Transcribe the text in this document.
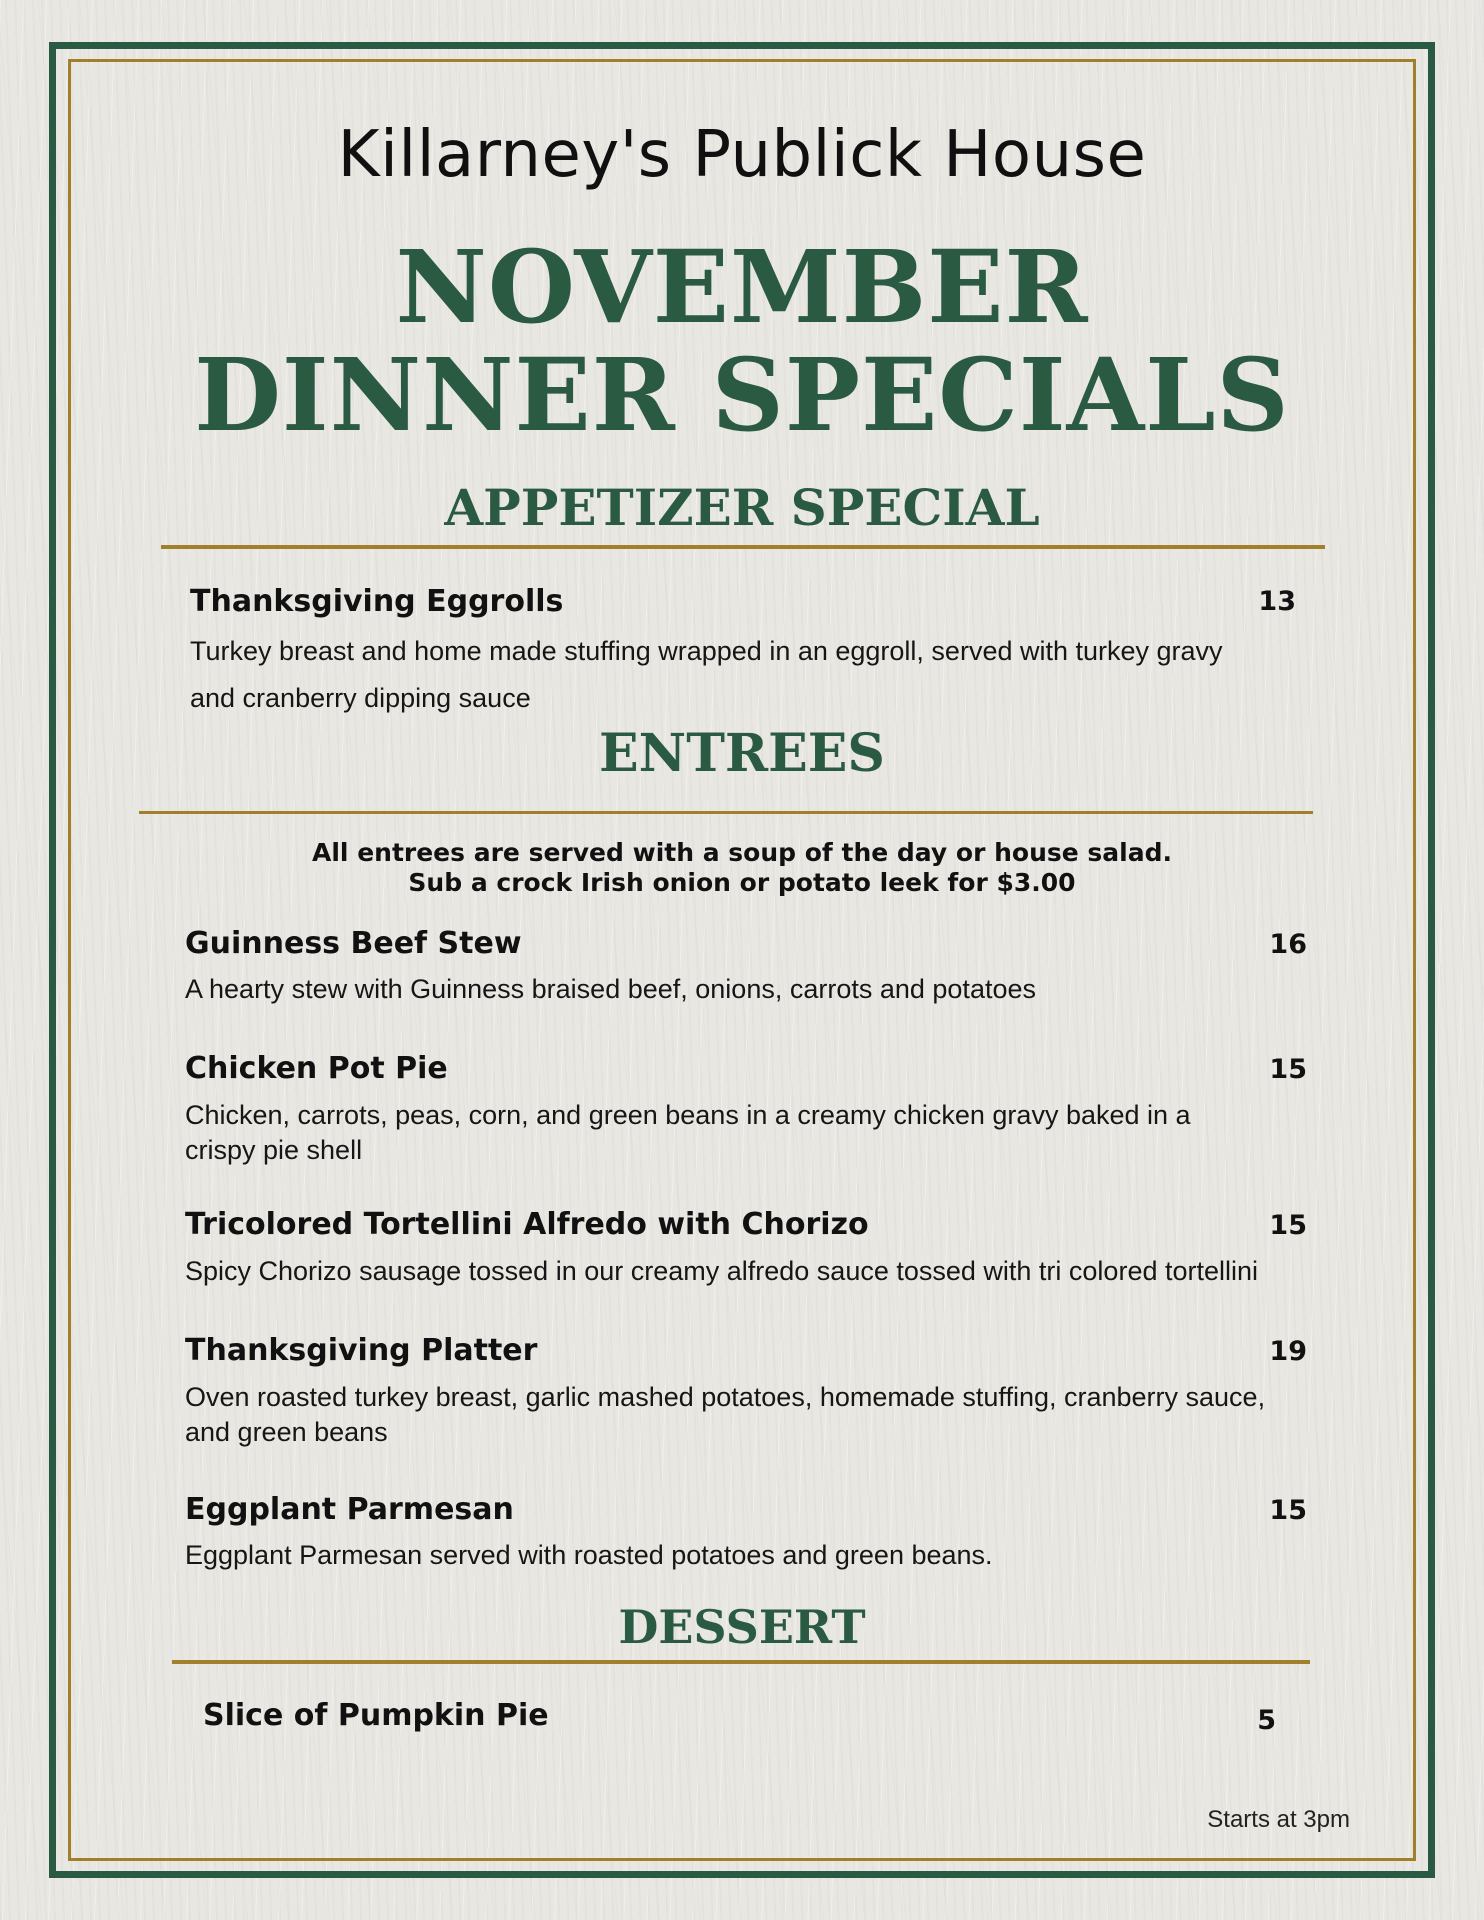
Killarney's Publick House
NOVEMBER
DINNER SPECIALS
APPETIZER SPECIAL
Thanksgiving Eggrolls	13
Turkey breast and home made stuffing wrapped in an eggroll, served with turkey gravy
and cranberry dipping sauce
ENTREES
All entrees are served with a soup of the day or house salad.
Sub a crock Irish onion or potato leek for $3.00
Guinness Beef Stew	16
A hearty stew with Guinness braised beef, onions, carrots and potatoes
Chicken Pot Pie	15
Chicken, carrots, peas, corn, and green beans in a creamy chicken gravy baked in a
crispy pie shell
Tricolored Tortellini Alfredo with Chorizo	15
Spicy Chorizo sausage tossed in our creamy alfredo sauce tossed with tri colored tortellini
Thanksgiving Platter	19
Oven roasted turkey breast, garlic mashed potatoes, homemade stuffing, cranberry sauce,
and green beans
Eggplant Parmesan	15
Eggplant Parmesan served with roasted potatoes and green beans.
DESSERT
Slice of Pumpkin Pie	5
Starts at 3pm
